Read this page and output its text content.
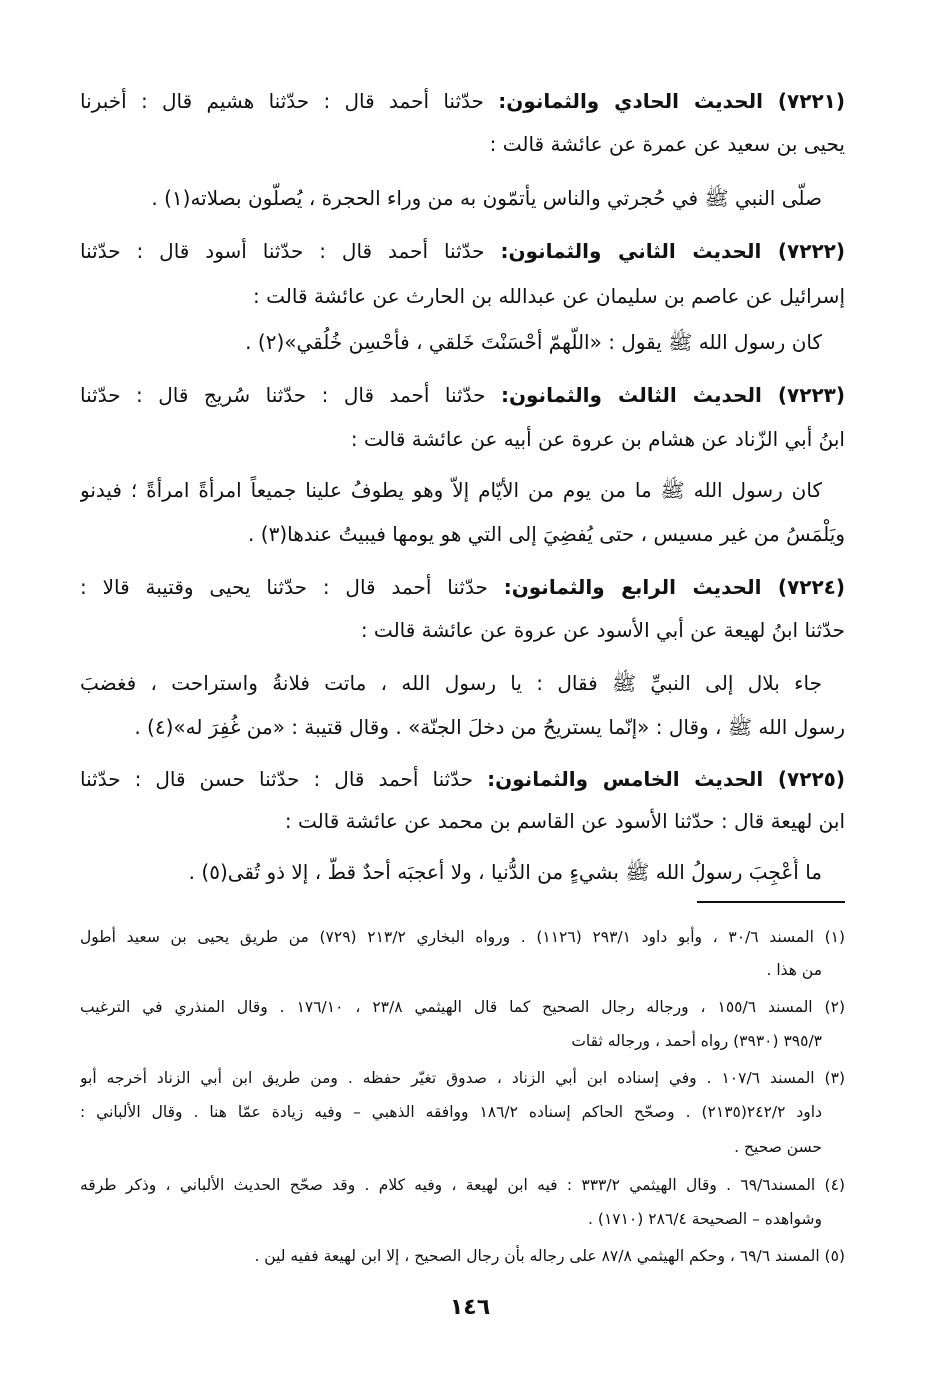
(٧٢٢١) الحديث الحادي والثمانون: حدّثنا أحمد قال : حدّثنا هشيم قال : أخبرنا
يحيى بن سعيد عن عمرة عن عائشة قالت :
صلّى النبي ﷺ في حُجرتي والناس يأتمّون به من وراء الحجرة ، يُصلّون بصلاته(١) .
(٧٢٢٢) الحديث الثاني والثمانون: حدّثنا أحمد قال : حدّثنا أسود قال : حدّثنا
إسرائيل عن عاصم بن سليمان عن عبدالله بن الحارث عن عائشة قالت :
كان رسول الله ﷺ يقول : «اللّهمّ أحْسَنْتَ خَلقي ، فأحْسِن خُلُقي»(٢) .
(٧٢٢٣) الحديث الثالث والثمانون: حدّثنا أحمد قال : حدّثنا سُريج قال : حدّثنا
ابنُ أبي الزّناد عن هشام بن عروة عن أبيه عن عائشة قالت :
كان رسول الله ﷺ ما من يوم من الأيّام إلاّ وهو يطوفُ علينا جميعاً امرأةً امرأةً ؛ فيدنو
ويَلْمَسُ من غير مسيس ، حتى يُفضِيَ إلى التي هو يومها فيبيتُ عندها(٣) .
(٧٢٢٤) الحديث الرابع والثمانون: حدّثنا أحمد قال : حدّثنا يحيى وقتيبة قالا :
حدّثنا ابنُ لهيعة عن أبي الأسود عن عروة عن عائشة قالت :
جاء بلال إلى النبيِّ ﷺ فقال : يا رسول الله ، ماتت فلانةُ واستراحت ، فغضبَ
رسول الله ﷺ ، وقال : «إنّما يستريحُ من دخلَ الجنّة» . وقال قتيبة : «من غُفِرَ له»(٤) .
(٧٢٢٥) الحديث الخامس والثمانون: حدّثنا أحمد قال : حدّثنا حسن قال : حدّثنا
ابن لهيعة قال : حدّثنا الأسود عن القاسم بن محمد عن عائشة قالت :
ما أُعْجِبَ رسولُ الله ﷺ بشيءٍ من الدُّنيا ، ولا أعجبَه أحدٌ قطُّ ، إلا ذو تُقى(٥) .
(١) المسند ٣٠/٦ ، وأبو داود ٢٩٣/١ (١١٢٦) . ورواه البخاري ٢١٣/٢ (٧٢٩) من طريق يحيى بن سعيد أطول
من هذا .
(٢) المسند ١٥٥/٦ ، ورجاله رجال الصحيح كما قال الهيثمي ٢٣/٨ ، ١٧٦/١٠ . وقال المنذري في الترغيب
٣٩٥/٣ (٣٩٣٠) رواه أحمد ، ورجاله ثقات
(٣) المسند ١٠٧/٦ . وفي إسناده ابن أبي الزناد ، صدوق تغيّر حفظه . ومن طريق ابن أبي الزناد أخرجه أبو
داود ٢٤٢/٢(٢١٣٥) . وصحّح الحاكم إسناده ١٨٦/٢ ووافقه الذهبي – وفيه زيادة عمّا هنا . وقال الألباني :
حسن صحيح .
(٤) المسند٦٩/٦ . وقال الهيثمي ٣٣٣/٢ : فيه ابن لهيعة ، وفيه كلام . وقد صحّح الحديث الألباني ، وذكر طرقه
وشواهده – الصحيحة ٢٨٦/٤ (١٧١٠) .
(٥) المسند ٦٩/٦ ، وحكم الهيثمي ٨٧/٨ على رجاله بأن رجال الصحيح ، إلا ابن لهيعة ففيه لين .
١٤٦
